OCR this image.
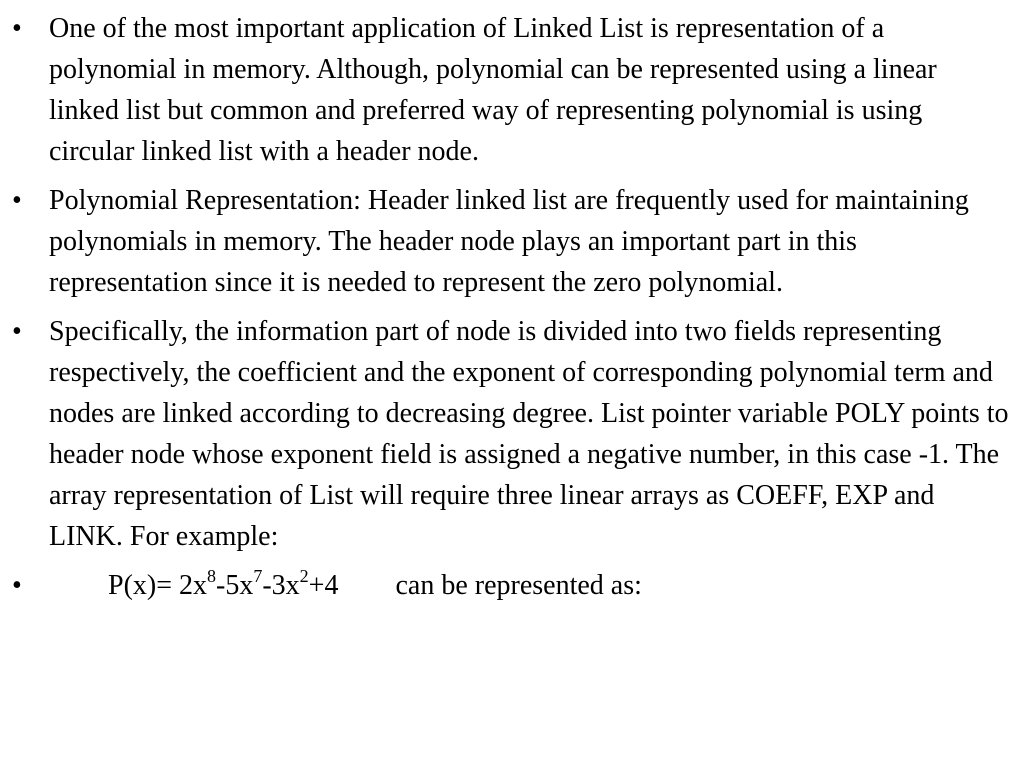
• One of the most important application of Linked List is representation of a polynomial in memory. Although, polynomial can be represented using a linear linked list but common and preferred way of representing polynomial is using circular linked list with a header node.
• Polynomial Representation: Header linked list are frequently used for maintaining polynomials in memory. The header node plays an important part in this representation since it is needed to represent the zero polynomial.
• Specifically, the information part of node is divided into two fields representing respectively, the coefficient and the exponent of corresponding polynomial term and nodes are linked according to decreasing degree. List pointer variable POLY points to header node whose exponent field is assigned a negative number, in this case -1. The array representation of List will require three linear arrays as COEFF, EXP and LINK. For example:
•	$P(x)= 2x^8-5x^7-3x^2+4$ can be represented as:
